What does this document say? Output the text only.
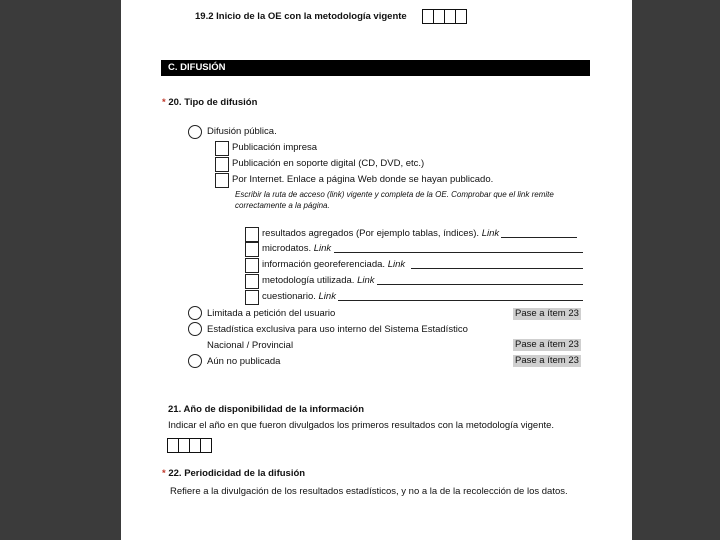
19.2 Inicio de la OE con la metodología vigente
C. DIFUSIÓN
* 20. Tipo de difusión
Difusión pública.
Publicación impresa
Publicación en soporte digital (CD, DVD, etc.)
Por Internet. Enlace a página Web donde se hayan publicado.
Escribir la ruta de acceso (link) vigente y completa de la OE. Comprobar que el link remite
correctamente a la página.
resultados agregados (Por ejemplo tablas, índices). Link
microdatos. Link
información georeferenciada. Link
metodología utilizada. Link
cuestionario. Link
Limitada a petición del usuario	Pase a ítem 23
Estadística exclusiva para uso interno del Sistema Estadístico
Nacional / Provincial	Pase a ítem 23
Aún no publicada	Pase a ítem 23
21. Año de disponibilidad de la información
Indicar el año en que fueron divulgados los primeros resultados con la metodología vigente.
* 22. Periodicidad de la difusión
Refiere a la divulgación de los resultados estadísticos, y no a la de la recolección de los datos.
